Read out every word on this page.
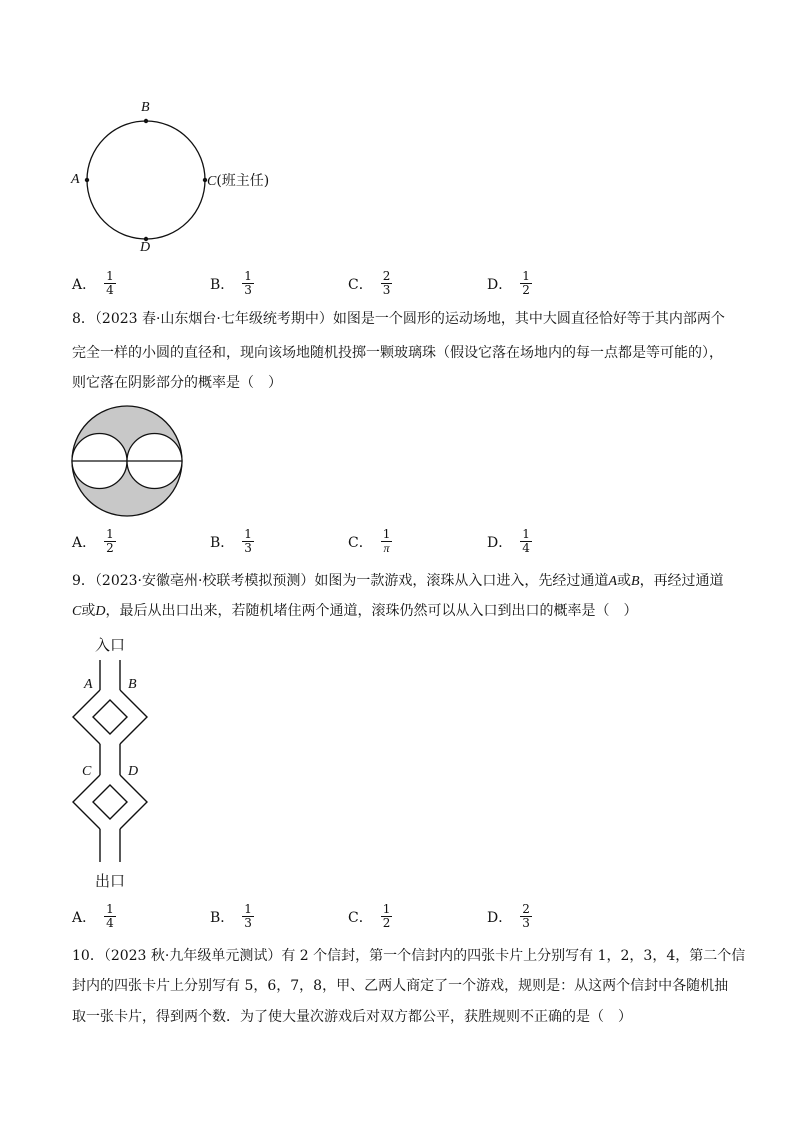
B
A	C(班主任)
D
A． $\frac{1}{4}$	B． $\frac{1}{3}$	C． $\frac{2}{3}$	D． $\frac{1}{2}$
8．（2023 春·山东烟台·七年级统考期中）如图是一个圆形的运动场地，其中大圆直径恰好等于其内部两个
完全一样的小圆的直径和，现向该场地随机投掷一颗玻璃珠（假设它落在场地内的每一点都是等可能的），
则它落在阴影部分的概率是（　）
A． $\frac{1}{2}$	B． $\frac{1}{3}$	C． $\frac{1}{\pi}$	D． $\frac{1}{4}$
9．（2023·安徽亳州·校联考模拟预测）如图为一款游戏，滚珠从入口进入，先经过通道A或B，再经过通道
C或D，最后从出口出来，若随机堵住两个通道，滚珠仍然可以从入口到出口的概率是（　）
入口
A	B
C	D
出口
A． $\frac{1}{4}$	B． $\frac{1}{3}$	C． $\frac{1}{2}$	D． $\frac{2}{3}$
10．（2023 秋·九年级单元测试）有 2 个信封，第一个信封内的四张卡片上分别写有 1，2，3，4，第二个信
封内的四张卡片上分别写有 5，6，7，8，甲、乙两人商定了一个游戏，规则是：从这两个信封中各随机抽
取一张卡片，得到两个数．为了使大量次游戏后对双方都公平，获胜规则不正确的是（　）
